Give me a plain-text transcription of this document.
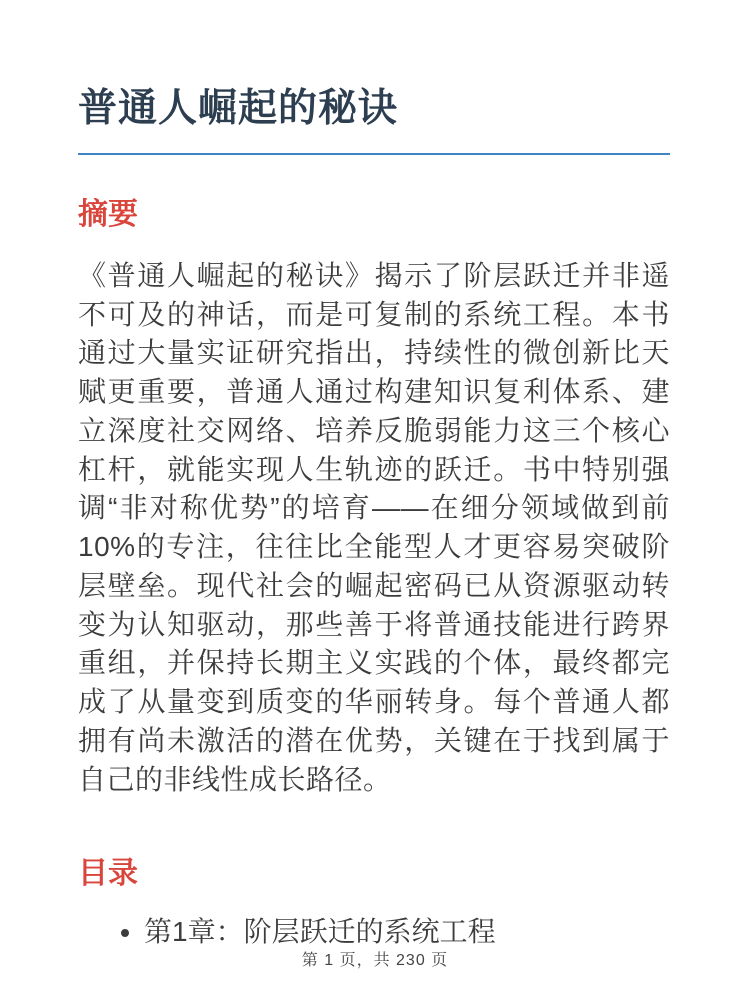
普通人崛起的秘诀
摘要

《普通人崛起的秘诀》揭示了阶层跃迁并非遥不可及的神话，而是可复制的系统工程。本书通过大量实证研究指出，持续性的微创新比天赋更重要，普通人通过构建知识复利体系、建立深度社交网络、培养反脆弱能力这三个核心杠杆，就能实现人生轨迹的跃迁。书中特别强调“非对称优势”的培育——在细分领域做到前10%的专注，往往比全能型人才更容易突破阶层壁垒。现代社会的崛起密码已从资源驱动转变为认知驱动，那些善于将普通技能进行跨界重组，并保持长期主义实践的个体，最终都完成了从量变到质变的华丽转身。每个普通人都拥有尚未激活的潜在优势，关键在于找到属于自己的非线性成长路径。

目录
• 第1章：阶层跃迁的系统工程
第 1 页，共 230 页
